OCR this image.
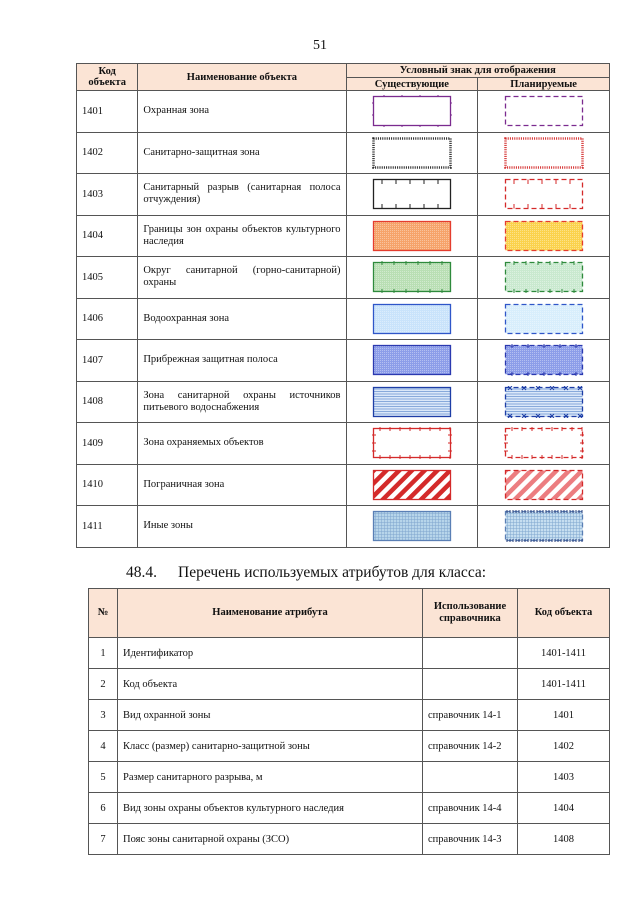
51
Код объекта	Наименование объекта	Условный знак для отображения	
		Существующие	Планируемые
1401	Охранная зона	

1402	Санитарно-защитная зона	

1403	Санитарный разрыв (санитарная полоса отчуждения)	

1404	Границы зон охраны объектов культурного наследия	

1405	Округ санитарной (горно-санитарной) охраны	

1406	Водоохранная зона	

1407	Прибрежная защитная полоса	

1408	Зона санитарной охраны источников питьевого водоснабжения	

1409	Зона охраняемых объектов	

1410	Пограничная зона	

1411	Иные зоны	

48.4. Перечень используемых атрибутов для класса:
№	Наименование атрибута	Использование справочника	Код объекта
1	Идентификатор		1401-1411
2	Код объекта		1401-1411
3	Вид охранной зоны	справочник 14-1	1401
4	Класс (размер) санитарно-защитной зоны	справочник 14-2	1402
5	Размер санитарного разрыва, м		1403
6	Вид зоны охраны объектов культурного наследия	справочник 14-4	1404
7	Пояс зоны санитарной охраны (ЗСО)	справочник 14-3	1408
